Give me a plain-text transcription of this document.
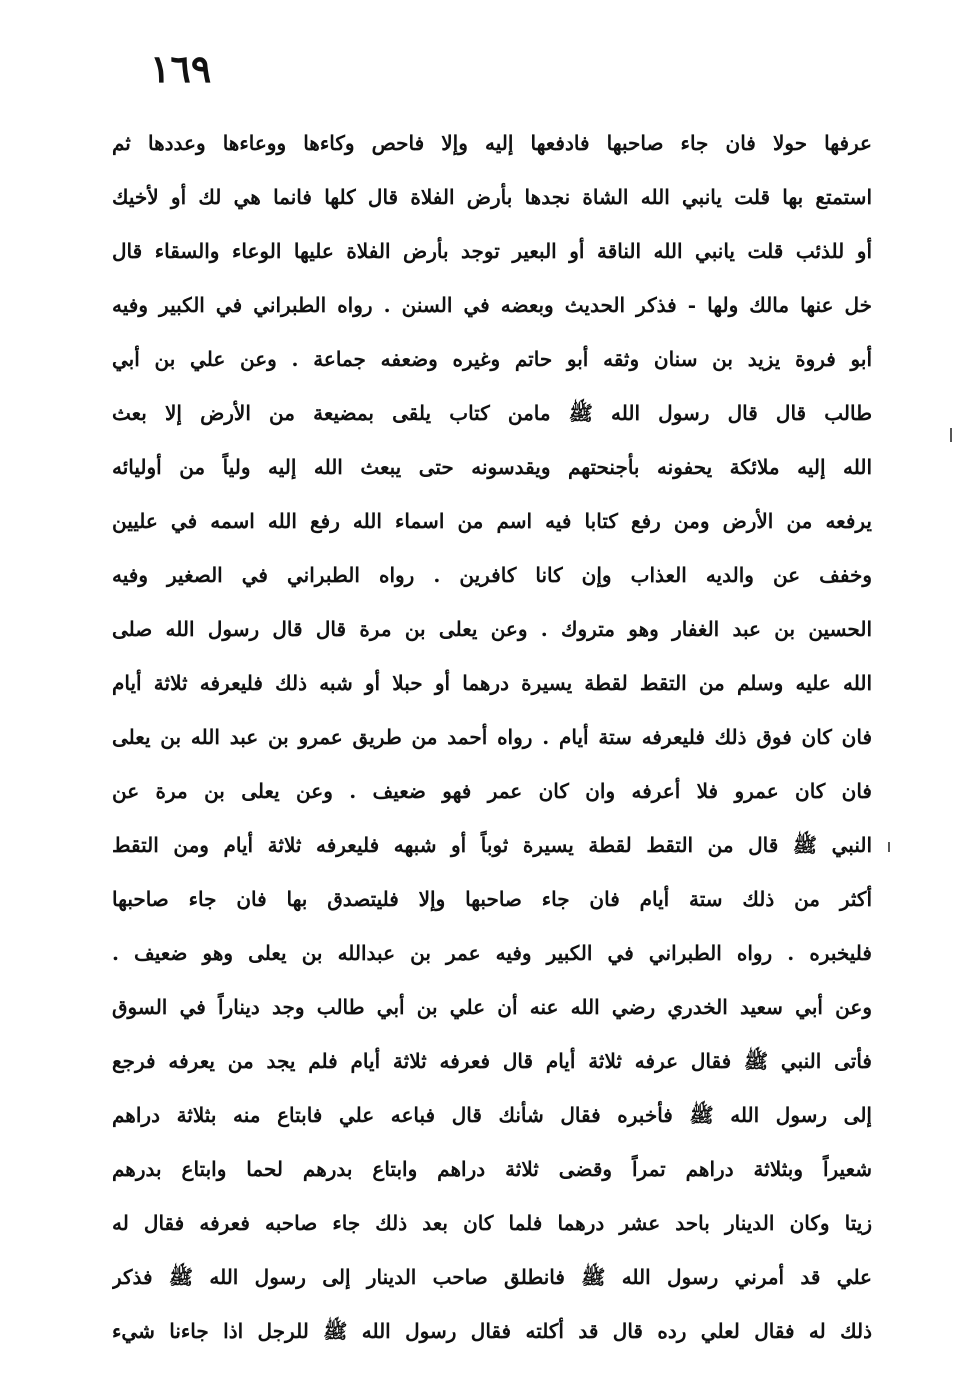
١٦٩
عرفها حولا فان جاء صاحبها فادفعها إليه وإلا فاحص وكاءها ووعاءها وعددها ثم
استمتع بها قلت يانبي الله الشاة نجدها بأرض الفلاة قال كلها فانما هي لك أو لأخيك
أو للذئب قلت يانبي الله الناقة أو البعير توجد بأرض الفلاة عليها الوعاء والسقاء قال
خل عنها مالك ولها - فذكر الحديث وبعضه في السنن . رواه الطبراني في الكبير وفيه
أبو فروة يزيد بن سنان وثقه أبو حاتم وغيره وضعفه جماعة . وعن علي بن أبي
طالب قال قال رسول الله ﷺ مامن كتاب يلقى بمضيعة من الأرض إلا بعث
الله إليه ملائكة يحفونه بأجنحتهم ويقدسونه حتى يبعث الله إليه ولياً من أوليائه
يرفعه من الأرض ومن رفع كتابا فيه اسم من اسماء الله رفع الله اسمه في عليين
وخفف عن والديه العذاب وإن كانا كافرين . رواه الطبراني في الصغير وفيه
الحسين بن عبد الغفار وهو متروك . وعن يعلى بن مرة قال قال رسول الله صلى
الله عليه وسلم من التقط لقطة يسيرة درهما أو حبلا أو شبه ذلك فليعرفه ثلاثة أيام
فان كان فوق ذلك فليعرفه ستة أيام . رواه أحمد من طريق عمرو بن عبد الله بن يعلى
فان كان عمرو فلا أعرفه وان كان عمر فهو ضعيف . وعن يعلى بن مرة عن
النبي ﷺ قال من التقط لقطة يسيرة ثوباً أو شبهه فليعرفه ثلاثة أيام ومن التقط
أكثر من ذلك ستة أيام فان جاء صاحبها وإلا فليتصدق بها فان جاء صاحبها
فليخبره . رواه الطبراني في الكبير وفيه عمر بن عبدالله بن يعلى وهو ضعيف .
وعن أبي سعيد الخدري رضي الله عنه أن علي بن أبي طالب وجد ديناراً في السوق
فأتى النبي ﷺ فقال عرفه ثلاثة أيام قال فعرفه ثلاثة أيام فلم يجد من يعرفه فرجع
إلى رسول الله ﷺ فأخبره فقال شأنك قال فباعه علي فابتاع منه بثلاثة دراهم
شعيراً وبثلاثة دراهم تمراً وقضى ثلاثة دراهم وابتاع بدرهم لحما وابتاع بدرهم
زيتا وكان الدينار باحد عشر درهما فلما كان بعد ذلك جاء صاحبه فعرفه فقال له
علي قد أمرني رسول الله ﷺ فانطلق صاحب الدينار إلى رسول الله ﷺ فذكر
ذلك له فقال لعلي رده قال قد أكلته فقال رسول الله ﷺ للرجل اذا جاءنا شيء
